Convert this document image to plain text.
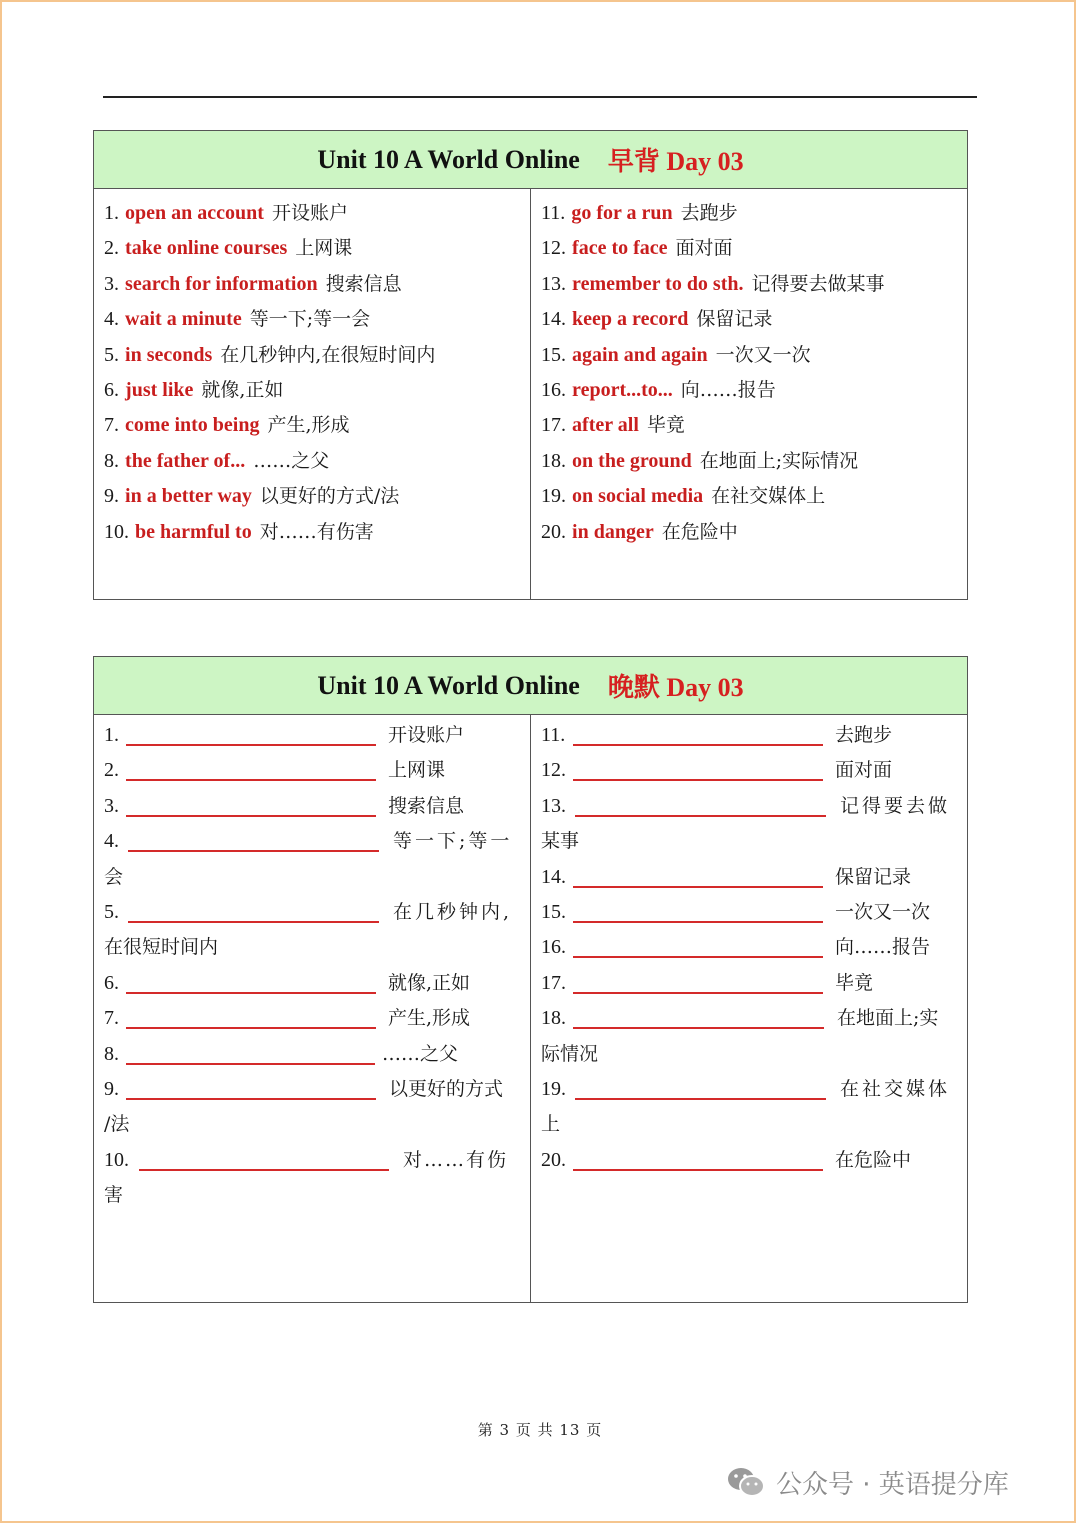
Unit 10 A World Online 早背 Day 03
1. open an account 开设账户
2. take online courses 上网课
3. search for information 搜索信息
4. wait a minute 等一下;等一会
5. in seconds 在几秒钟内,在很短时间内
6. just like 就像,正如
7. come into being 产生,形成
8. the father of... ……之父
9. in a better way 以更好的方式/法
10. be harmful to 对……有伤害
11. go for a run 去跑步
12. face to face 面对面
13. remember to do sth. 记得要去做某事
14. keep a record 保留记录
15. again and again 一次又一次
16. report...to... 向……报告
17. after all 毕竟
18. on the ground 在地面上;实际情况
19. on social media 在社交媒体上
20. in danger 在危险中
Unit 10 A World Online 晚默 Day 03
1.	开设账户
2.	上网课
3.	搜索信息
4.	等一下;等一
会
5.	在几秒钟内,
在很短时间内
6.	就像,正如
7.	产生,形成
8.	……之父
9.	以更好的方式
/法
10.	对……有伤
害
11.	去跑步
12.	面对面
13.	记得要去做
某事
14.	保留记录
15.	一次又一次
16.	向……报告
17.	毕竟
18.	在地面上;实
际情况
19.	在社交媒体
上
20.	在危险中
第 3 页 共 13 页
公众号 · 英语提分库
